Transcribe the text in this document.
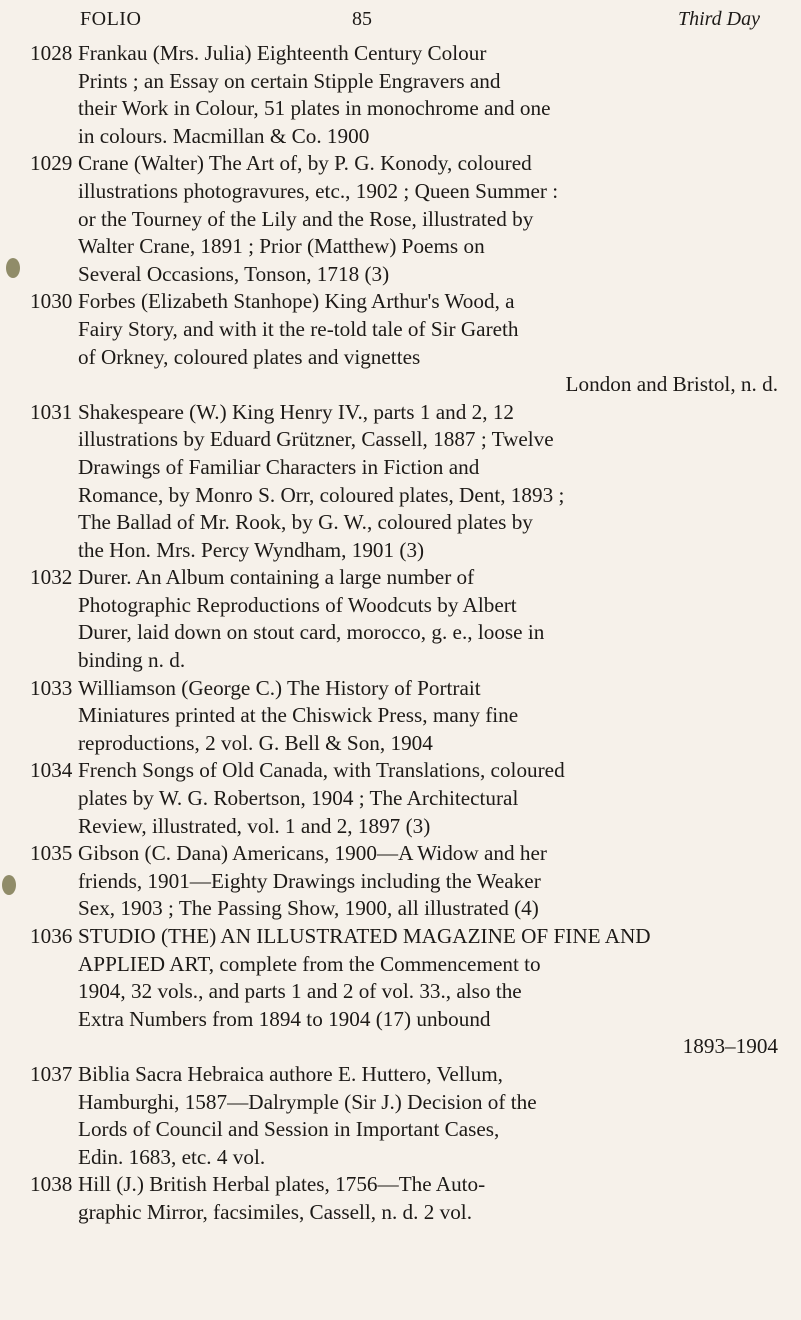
FOLIO	85	Third Day
1028 Frankau (Mrs. Julia) Eighteenth Century Colour
Prints ; an Essay on certain Stipple Engravers and
their Work in Colour, 51 plates in monochrome and one
in colours. Macmillan & Co. 1900
1029 Crane (Walter) The Art of, by P. G. Konody, coloured
illustrations photogravures, etc., 1902 ; Queen Summer :
or the Tourney of the Lily and the Rose, illustrated by
Walter Crane, 1891 ; Prior (Matthew) Poems on
Several Occasions, Tonson, 1718 (3)
1030 Forbes (Elizabeth Stanhope) King Arthur's Wood, a
Fairy Story, and with it the re-told tale of Sir Gareth
of Orkney, coloured plates and vignettes
London and Bristol, n. d.
1031 Shakespeare (W.) King Henry IV., parts 1 and 2, 12
illustrations by Eduard Grützner, Cassell, 1887 ; Twelve
Drawings of Familiar Characters in Fiction and
Romance, by Monro S. Orr, coloured plates, Dent, 1893 ;
The Ballad of Mr. Rook, by G. W., coloured plates by
the Hon. Mrs. Percy Wyndham, 1901 (3)
1032 Durer. An Album containing a large number of
Photographic Reproductions of Woodcuts by Albert
Durer, laid down on stout card, morocco, g. e., loose in
binding n. d.
1033 Williamson (George C.) The History of Portrait
Miniatures printed at the Chiswick Press, many fine
reproductions, 2 vol. G. Bell & Son, 1904
1034 French Songs of Old Canada, with Translations, coloured
plates by W. G. Robertson, 1904 ; The Architectural
Review, illustrated, vol. 1 and 2, 1897 (3)
1035 Gibson (C. Dana) Americans, 1900—A Widow and her
friends, 1901—Eighty Drawings including the Weaker
Sex, 1903 ; The Passing Show, 1900, all illustrated (4)
1036 STUDIO (THE) AN ILLUSTRATED MAGAZINE OF FINE AND
APPLIED ART, complete from the Commencement to
1904, 32 vols., and parts 1 and 2 of vol. 33., also the
Extra Numbers from 1894 to 1904 (17) unbound
1893–1904
1037 Biblia Sacra Hebraica authore E. Huttero, Vellum,
Hamburghi, 1587—Dalrymple (Sir J.) Decision of the
Lords of Council and Session in Important Cases,
Edin. 1683, etc. 4 vol.
1038 Hill (J.) British Herbal plates, 1756—The Auto-
graphic Mirror, facsimiles, Cassell, n. d. 2 vol.
